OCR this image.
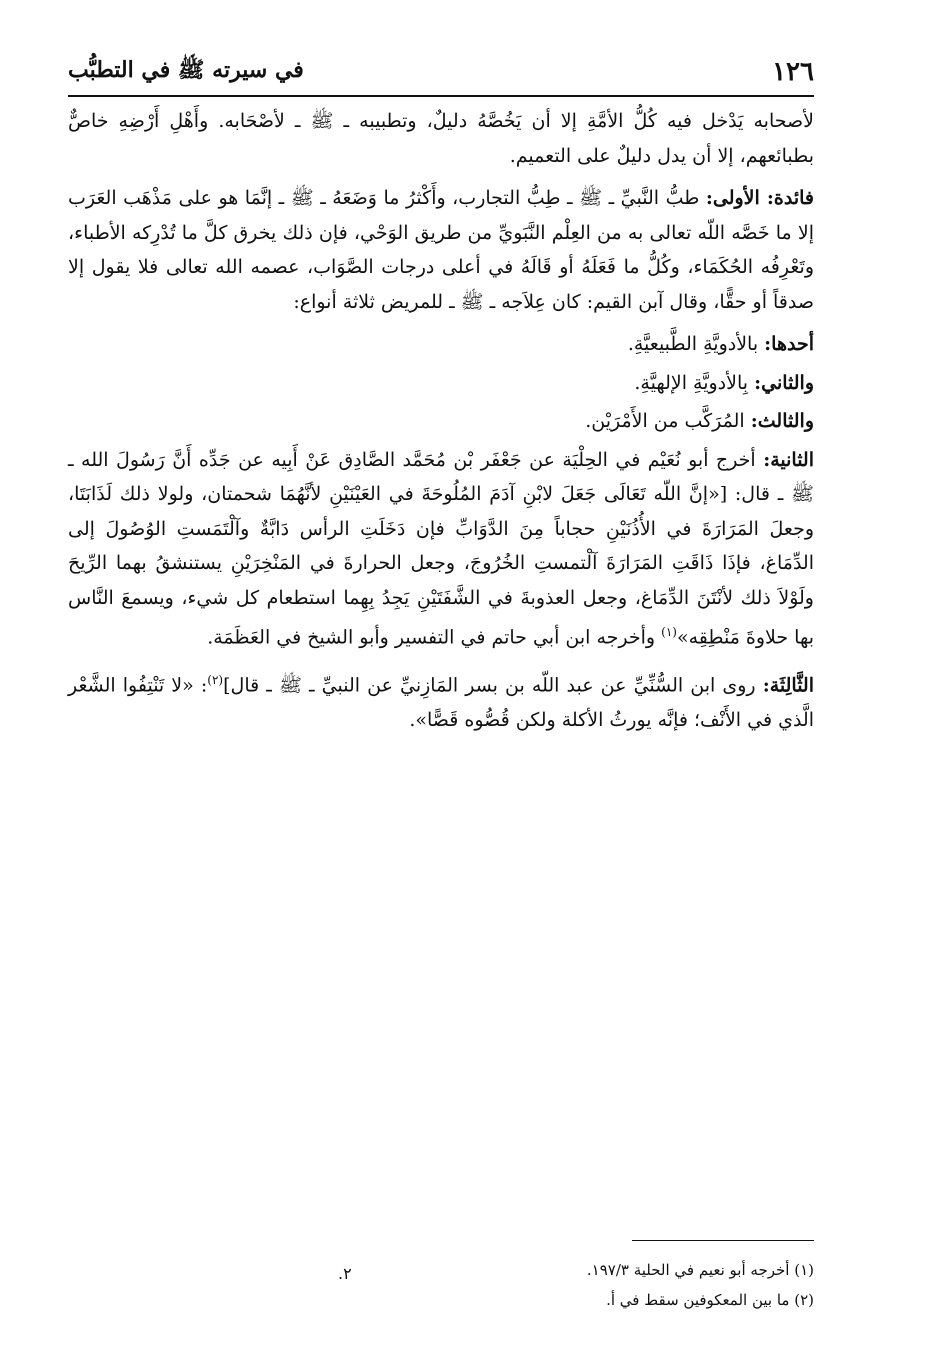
١٢٦
في سيرته ﷺ في التطبُّب

لأصحابه يَدْخل فيه كُلُّ الأمَّةِ إلا أن يَخُصَّهُ دليلٌ، وتطبيبه ـ ﷺ ـ لأصْحَابه. وأَهْلِ أَرْضِهِ خاصٌّ بطبائعهم، إلا أن يدل دليلٌ على التعميم.

فائدة: الأولى: طبُّ النَّبيِّ ـ ﷺ ـ طِبُّ التجارب، وأَكْثرُ ما وَضَعَهُ ـ ﷺ ـ إنَّمَا هو على مَذْهَب العَرَب إلا ما خَصَّه اللّه تعالى به من العِلْم النَّبَويِّ من طريق الوَحْي، فإن ذلك يخرق كلَّ ما تُدْرِكه الأطباء، وتَعْرِفُه الحُكَمَاء، وكُلُّ ما فَعَلَهُ أو قَالَهُ في أعلى درجات الصَّوَاب، عصمه الله تعالى فلا يقول إلا صدقاً أو حقًّا، وقال آبن القيم: كان عِلاَجه ـ ﷺ ـ للمريض ثلاثة أنواع:

أحدها: بالأدويَّةِ الطَّبيعيَّةِ.

والثاني: بِالأدويَّةِ الإلهيَّةِ.

والثالث: المُرَكَّب من الأَمْرَيْن.

الثانية: أخرج أبو نُعَيْم في الحِلْيَة عن جَعْفَر بْن مُحَمَّد الصَّادِق عَنْ أَبِيه عن جَدِّه أَنَّ رَسُولَ الله ـ ﷺ ـ قال: [«إنَّ اللّه تَعَالَى جَعَلَ لابْنِ آدَمَ المُلُوحَةَ في العَيْنَيْنِ لأنَّهُمَا شحمتان، ولولا ذلك لَذَابَتَا، وجعلَ المَرَارَةَ في الأُذُنَيْنِ حجاباً مِنَ الدَّوَابِّ فإن دَخَلَتِ الرأس دَابَّةٌ وآلْتَمَستِ الوُصُولَ إلى الدِّمَاغ، فإذَا ذَاقَتِ المَرَارَةَ آلْتمستِ الخُرُوجَ، وجعل الحرارةَ في المَنْخِرَيْنِ يستنشقُ بهما الرِّيحَ ولَوْلاَ ذلك لأنْتَنَ الدِّمَاغ، وجعل العذوبةَ في الشَّفَتَيْنِ يَجِدُ بِهِما استطعام كل شيء، ويسمعَ النَّاس بها حلاوةَ مَنْطِقِه»$^{(١)}$ وأخرجه ابن أبي حاتم في التفسير وأبو الشيخ في العَظَمَة.

الثَّالِثَة: روى ابن السُّنِّيِّ عن عبد اللّه بن بسر المَازِنيِّ عن النبيِّ ـ ﷺ ـ قال]$^{(٢)}$: «لا تَنْتِفُوا الشَّعْر الَّذي في الأَنْف؛ فإنَّه يورثُ الأكلة ولكن قُصُّوه قَصًّا».

٢.	(١) أخرجه أبو نعيم في الحلية ١٩٧/٣.
(٢) ما بين المعكوفين سقط في أ.
